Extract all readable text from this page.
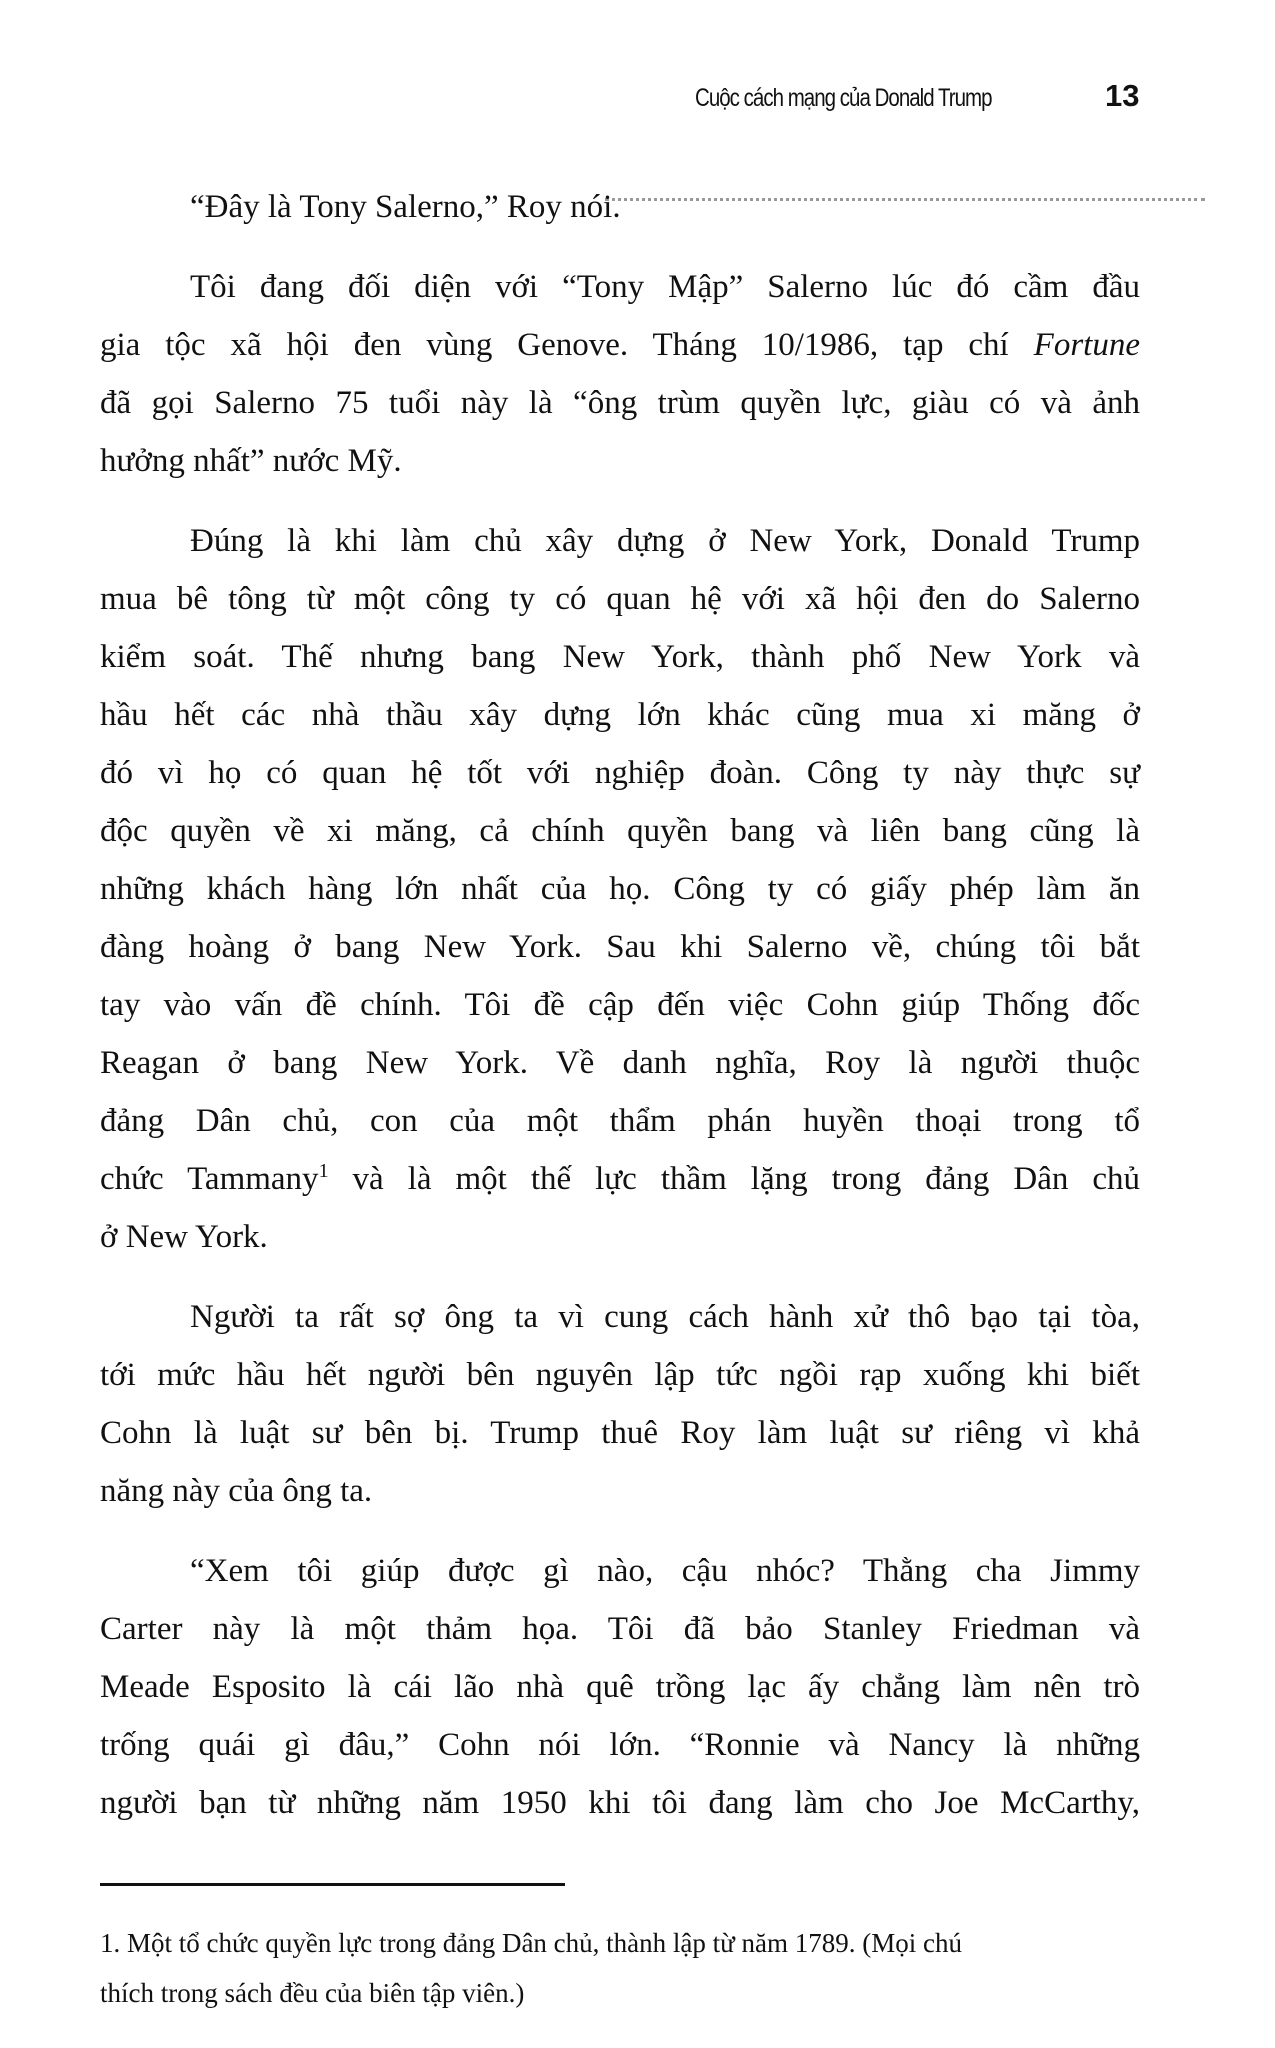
Cuộc cách mạng của Donald Trump	13
“Đây là Tony Salerno,” Roy nói.
Tôi đang đối diện với “Tony Mập” Salerno lúc đó cầm đầu
gia tộc xã hội đen vùng Genove. Tháng 10/1986, tạp chí Fortune
đã gọi Salerno 75 tuổi này là “ông trùm quyền lực, giàu có và ảnh
hưởng nhất” nước Mỹ.
Đúng là khi làm chủ xây dựng ở New York, Donald Trump
mua bê tông từ một công ty có quan hệ với xã hội đen do Salerno
kiểm soát. Thế nhưng bang New York, thành phố New York và
hầu hết các nhà thầu xây dựng lớn khác cũng mua xi măng ở
đó vì họ có quan hệ tốt với nghiệp đoàn. Công ty này thực sự
độc quyền về xi măng, cả chính quyền bang và liên bang cũng là
những khách hàng lớn nhất của họ. Công ty có giấy phép làm ăn
đàng hoàng ở bang New York. Sau khi Salerno về, chúng tôi bắt
tay vào vấn đề chính. Tôi đề cập đến việc Cohn giúp Thống đốc
Reagan ở bang New York. Về danh nghĩa, Roy là người thuộc
đảng Dân chủ, con của một thẩm phán huyền thoại trong tổ
chức Tammany$^1$ và là một thế lực thầm lặng trong đảng Dân chủ
ở New York.
Người ta rất sợ ông ta vì cung cách hành xử thô bạo tại tòa,
tới mức hầu hết người bên nguyên lập tức ngồi rạp xuống khi biết
Cohn là luật sư bên bị. Trump thuê Roy làm luật sư riêng vì khả
năng này của ông ta.
“Xem tôi giúp được gì nào, cậu nhóc? Thằng cha Jimmy
Carter này là một thảm họa. Tôi đã bảo Stanley Friedman và
Meade Esposito là cái lão nhà quê trồng lạc ấy chẳng làm nên trò
trống quái gì đâu,” Cohn nói lớn. “Ronnie và Nancy là những
người bạn từ những năm 1950 khi tôi đang làm cho Joe McCarthy,
1. Một tổ chức quyền lực trong đảng Dân chủ, thành lập từ năm 1789. (Mọi chú
thích trong sách đều của biên tập viên.)
